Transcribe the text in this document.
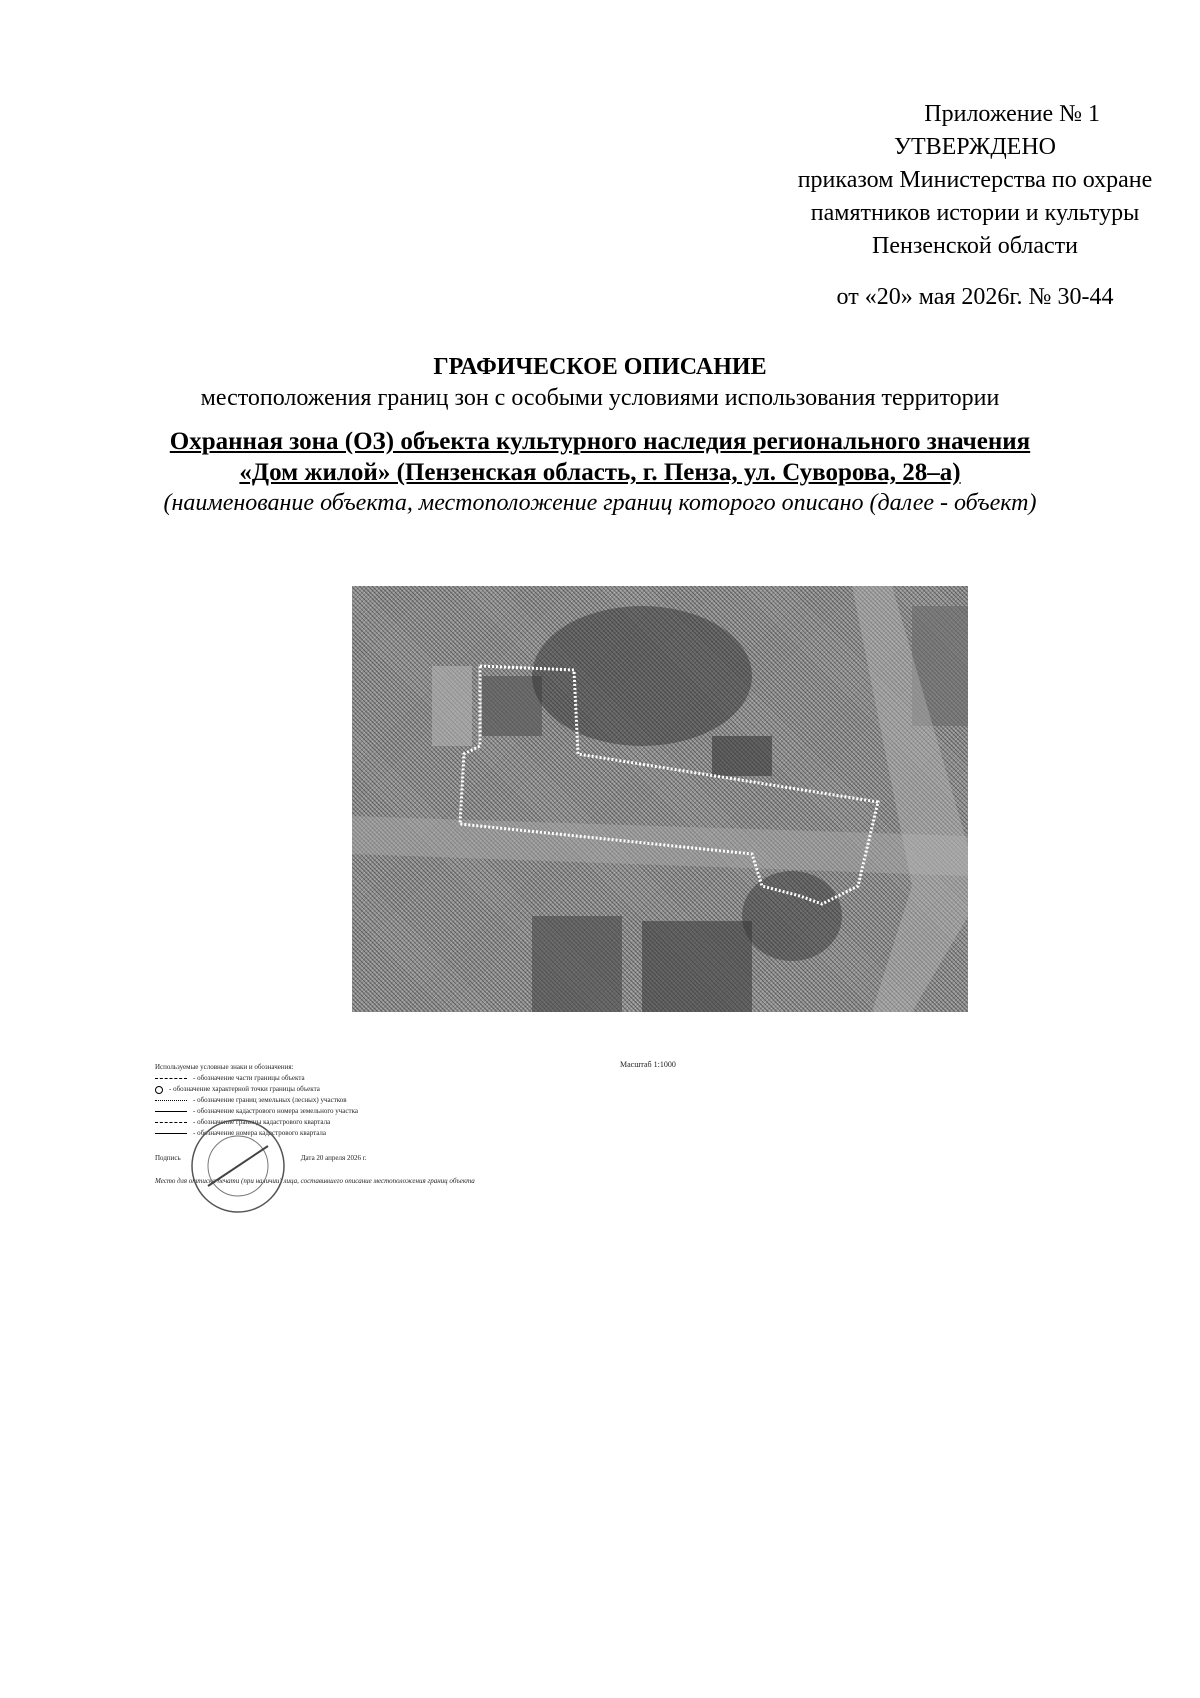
Приложение № 1
УТВЕРЖДЕНО
приказом Министерства по охране
памятников истории и культуры
Пензенской области
от «20» мая 2026г. № 30-44
ГРАФИЧЕСКОЕ ОПИСАНИЕ
местоположения границ зон с особыми условиями использования территории
Охранная зона (ОЗ) объекта культурного наследия регионального значения
«Дом жилой» (Пензенская область, г. Пенза, ул. Суворова, 28–а)
(наименование объекта, местоположение границ которого описано (далее - объект)
Масштаб 1:1000
Используемые условные знаки и обозначения:
- обозначение части границы объекта
- обозначение характерной точки границы объекта
- обозначение границ земельных (лесных) участков
- обозначение кадастрового номера земельного участка
- обозначение границы кадастрового квартала
- обозначение номера кадастрового квартала
Подпись	Дата 20 апреля 2026 г.
Место для оттиска печати (при наличии) лица, составившего описание местоположения границ объекта
